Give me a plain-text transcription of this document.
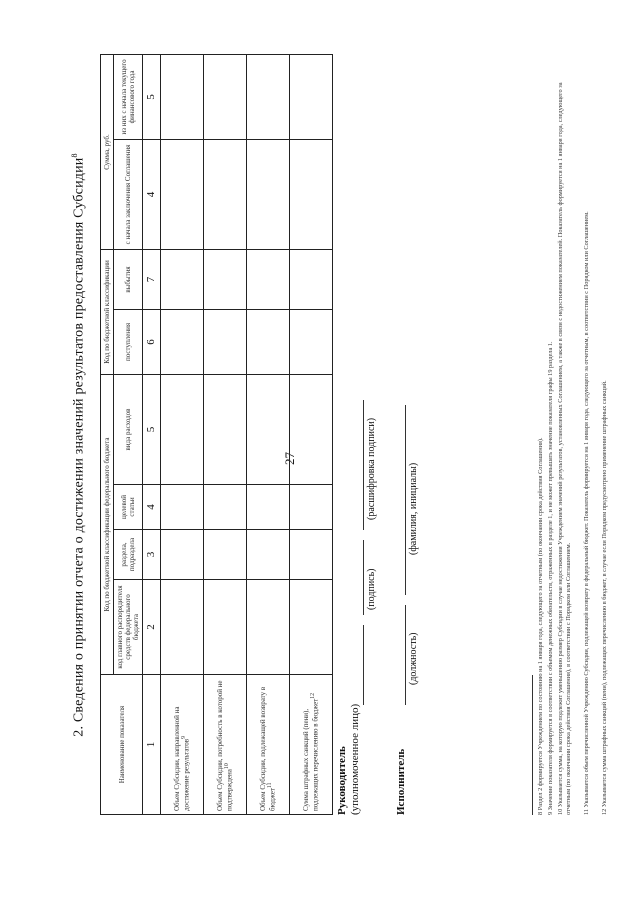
27
2. Сведения о принятии отчета о достижении значений результатов предоставления Субсидии$^8$
Наименование показателя	Код по бюджетной классификации федерального бюджета				Код по бюджетной классификации		Сумма, руб.	
	код главного распорядителя средств федерального бюджета	раздела, подраздела	целевой статьи	вида расходов	поступления	выбытия	с начала заключения Соглашения	из них с начала текущего финансового года
1	2	3	4	5	6	7	4	5
Объем Субсидии, направленной на достижение результатов$^9$								
Объем Субсидии, потребность в которой не подтверждена$^{10}$								
Объем Субсидии, подлежащей возврату в бюджет$^{11}$								
Сумма штрафных санкций (пени), подлежащих перечислению в бюджет$^{12}$								
Руководитель (уполномоченное лицо)
(подпись)
(расшифровка подписи)
Исполнитель
(должность)
(фамилия, инициалы)	8 Раздел 2 формируется Учреждением по состоянию на 1 января года, следующего за отчетным (по окончании срока действия Соглашения). 9 Значение показателя формируется в соответствии с объемом денежных обязательств, отраженных в разделе 1, и не может превышать значение показателя графы 19 раздела 1. 10 Указывается сумма, на которую подлежит уменьшению размер Субсидии в случае недостижения Учреждением значений результатов, установленных Соглашением, а также в связи с недостижением показателей. Показатель формируется на 1 января года, следующего за отчетным (по окончании срока действия Соглашения), в соответствии с Порядком или Соглашением. 11 Указывается объем перечисленной Учреждению Субсидии, подлежащей возврату в федеральный бюджет. Показатель формируется на 1 января года, следующего за отчетным, в соответствии с Порядком или Соглашением. 12 Указывается сумма штрафных санкций (пени), подлежащих перечислению в бюджет, в случае если Порядком предусмотрено применение штрафных санкций.
